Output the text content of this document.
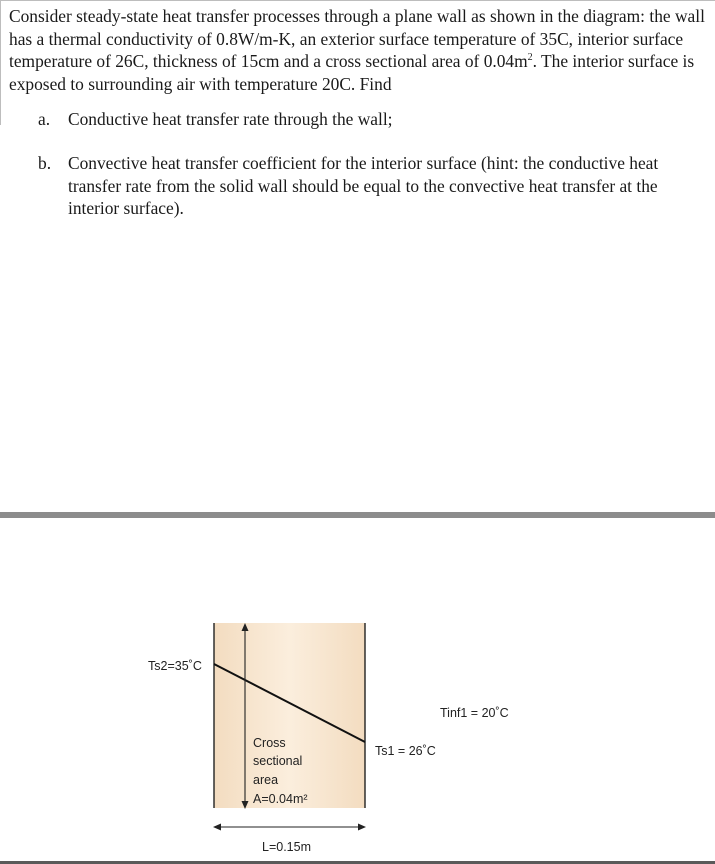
Consider steady-state heat transfer processes through a plane wall as shown in the diagram: the wall has a thermal conductivity of 0.8W/m-K, an exterior surface temperature of 35C, interior surface temperature of 26C, thickness of 15cm and a cross sectional area of $0.04m^2$. The interior surface is exposed to surrounding air with temperature 20C. Find

a.	Conductive heat transfer rate through the wall;
b. Convective heat transfer coefficient for the interior surface (hint: the conductive heat transfer rate from the solid wall should be equal to the convective heat transfer at the interior surface).
Ts2=35˚C
Tinf1 = 20˚C
Ts1 = 26˚C
Cross
sectional
area
A=0.04m²
L=0.15m
